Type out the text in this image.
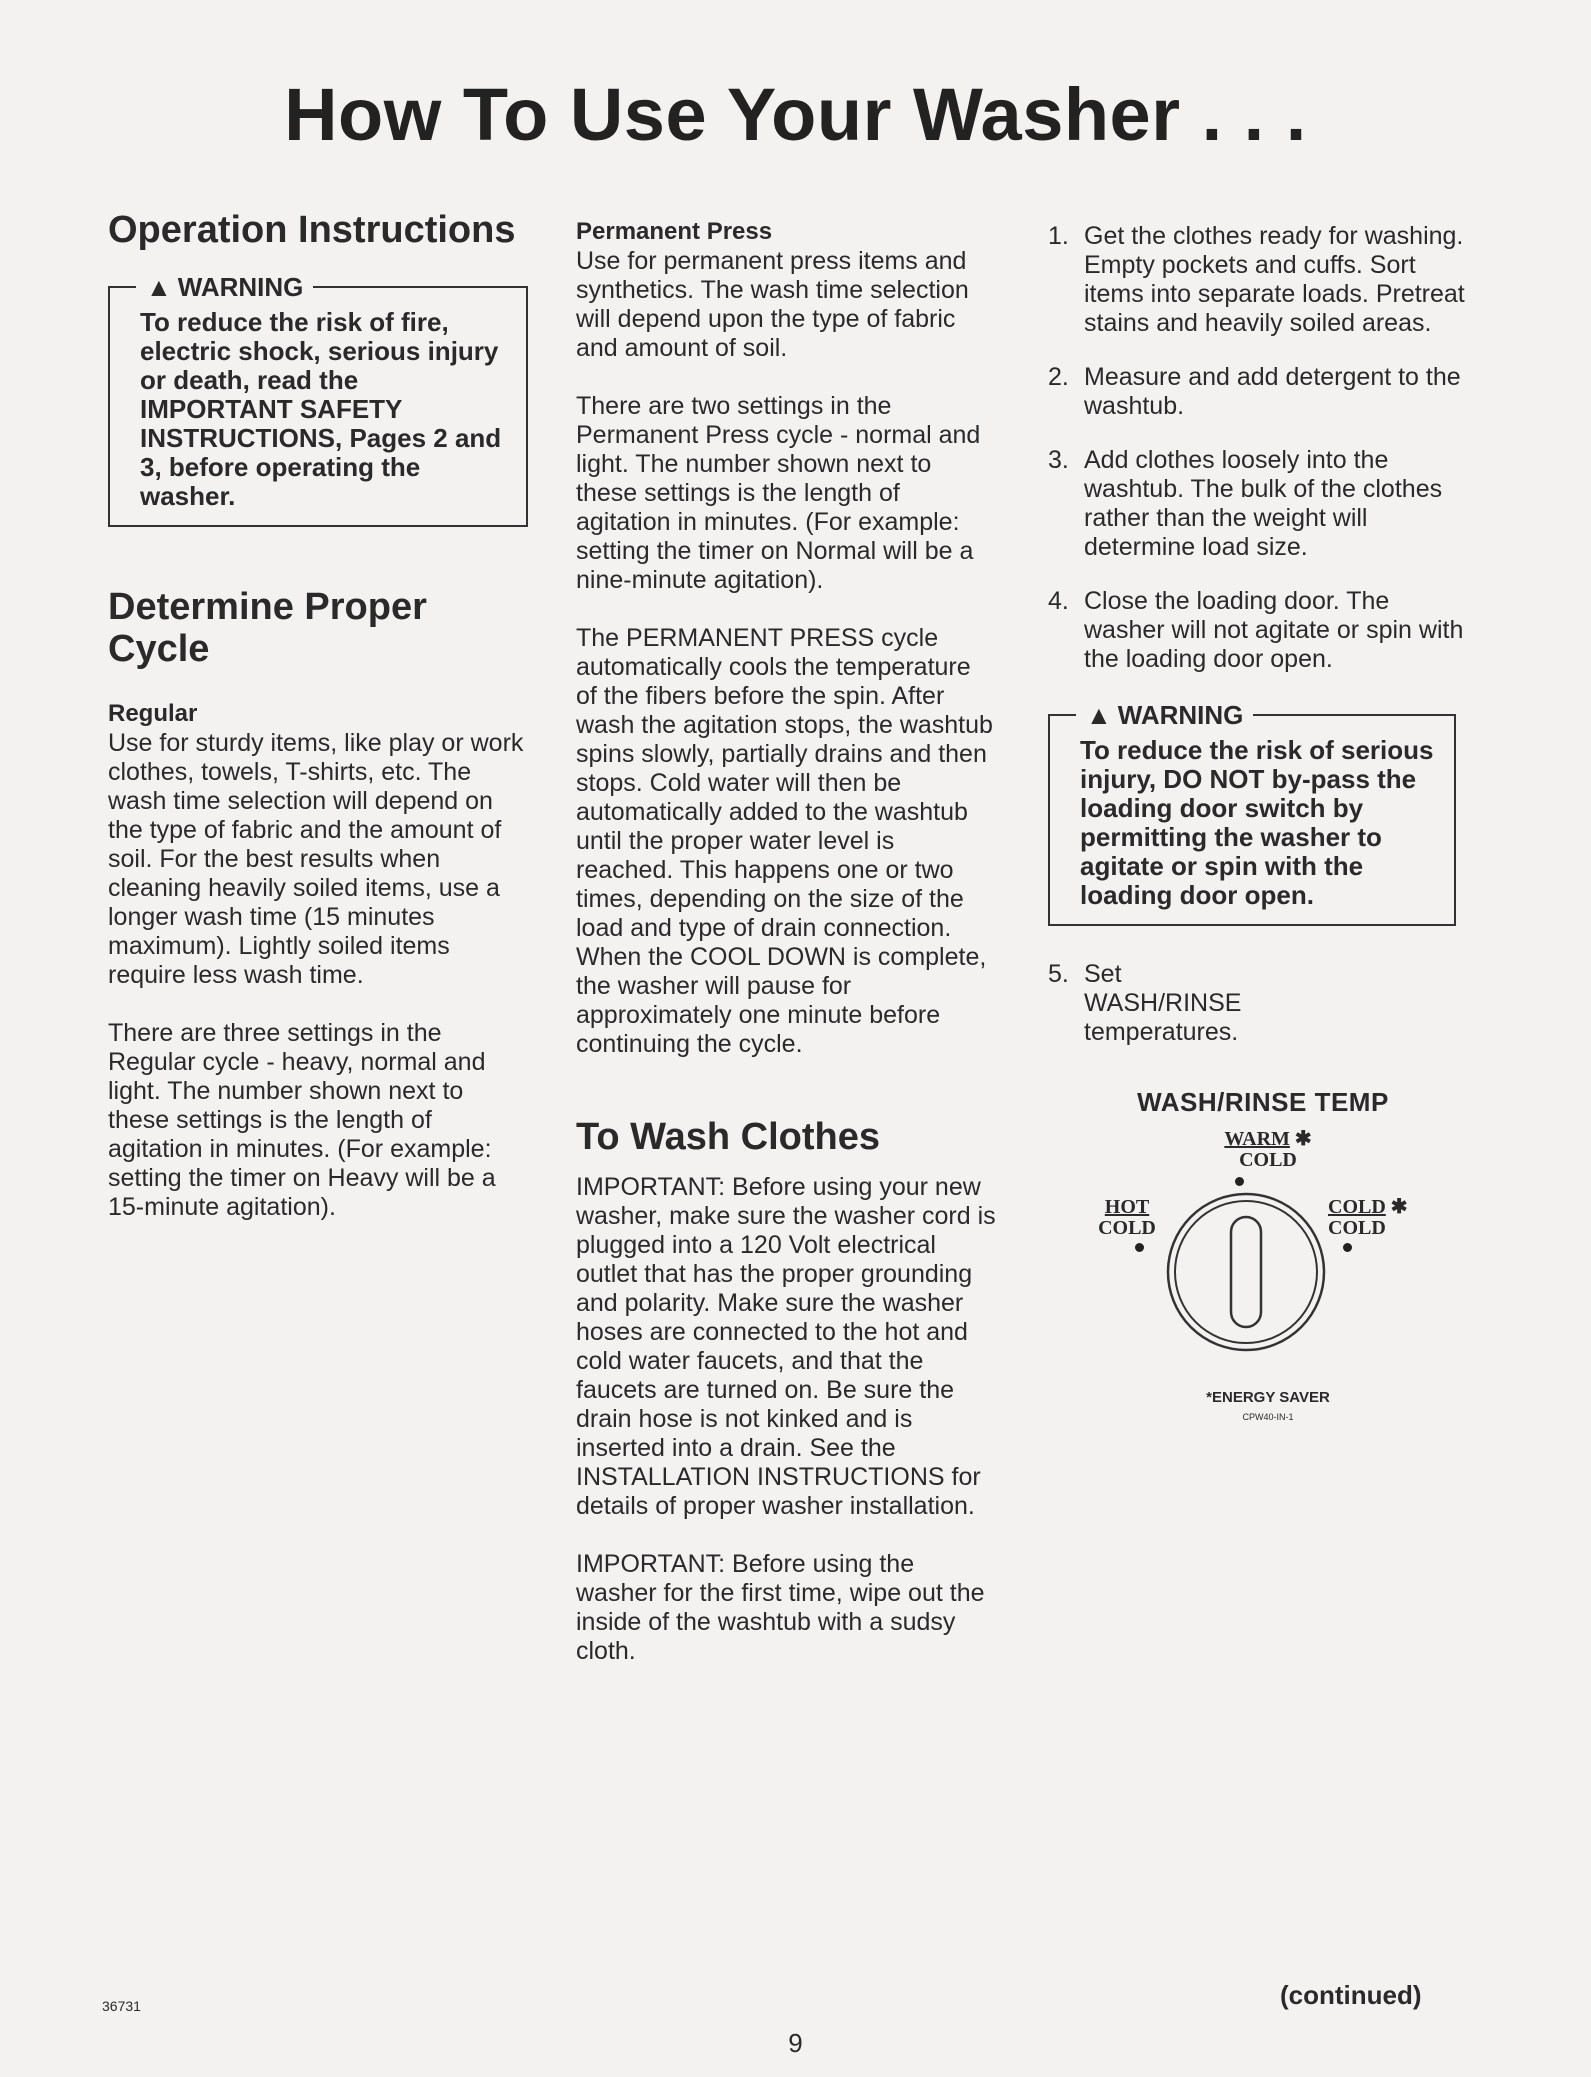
How To Use Your Washer . . .
Operation Instructions
▲ WARNING
To reduce the risk of fire, electric shock, serious injury or death, read the IMPORTANT SAFETY INSTRUCTIONS, Pages 2 and 3, before operating the washer.
Determine Proper Cycle
Regular

Use for sturdy items, like play or work clothes, towels, T-shirts, etc. The wash time selection will depend on the type of fabric and the amount of soil. For the best results when cleaning heavily soiled items, use a longer wash time (15 minutes maximum). Lightly soiled items require less wash time.

There are three settings in the Regular cycle - heavy, normal and light. The number shown next to these settings is the length of agitation in minutes. (For example: setting the timer on Heavy will be a 15-minute agitation).

Permanent Press

Use for permanent press items and synthetics. The wash time selection will depend upon the type of fabric and amount of soil.

There are two settings in the Permanent Press cycle - normal and light. The number shown next to these settings is the length of agitation in minutes. (For example: setting the timer on Normal will be a nine-minute agitation).

The PERMANENT PRESS cycle automatically cools the temperature of the fibers before the spin. After wash the agitation stops, the washtub spins slowly, partially drains and then stops. Cold water will then be automatically added to the washtub until the proper water level is reached. This happens one or two times, depending on the size of the load and type of drain connection. When the COOL DOWN is complete, the washer will pause for approximately one minute before continuing the cycle.

To Wash Clothes

IMPORTANT: Before using your new washer, make sure the washer cord is plugged into a 120 Volt electrical outlet that has the proper grounding and polarity. Make sure the washer hoses are connected to the hot and cold water faucets, and that the faucets are turned on. Be sure the drain hose is not kinked and is inserted into a drain. See the INSTALLATION INSTRUCTIONS for details of proper washer installation.

IMPORTANT: Before using the washer for the first time, wipe out the inside of the washtub with a sudsy cloth.

1. Get the clothes ready for washing. Empty pockets and cuffs. Sort items into separate loads. Pretreat stains and heavily soiled areas.
2. Measure and add detergent to the washtub.
3. Add clothes loosely into the washtub. The bulk of the clothes rather than the weight will determine load size.
4. Close the loading door. The washer will not agitate or spin with the loading door open.
▲ WARNING
To reduce the risk of serious injury, DO NOT by-pass the loading door switch by permitting the washer to agitate or spin with the loading door open.
5. Set WASH/RINSE temperatures.
WASH/RINSE TEMP
WARM ✱
COLD
HOT
COLD
COLD ✱
COLD
*ENERGY SAVER
CPW40-IN-1
36731
9
(continued)
